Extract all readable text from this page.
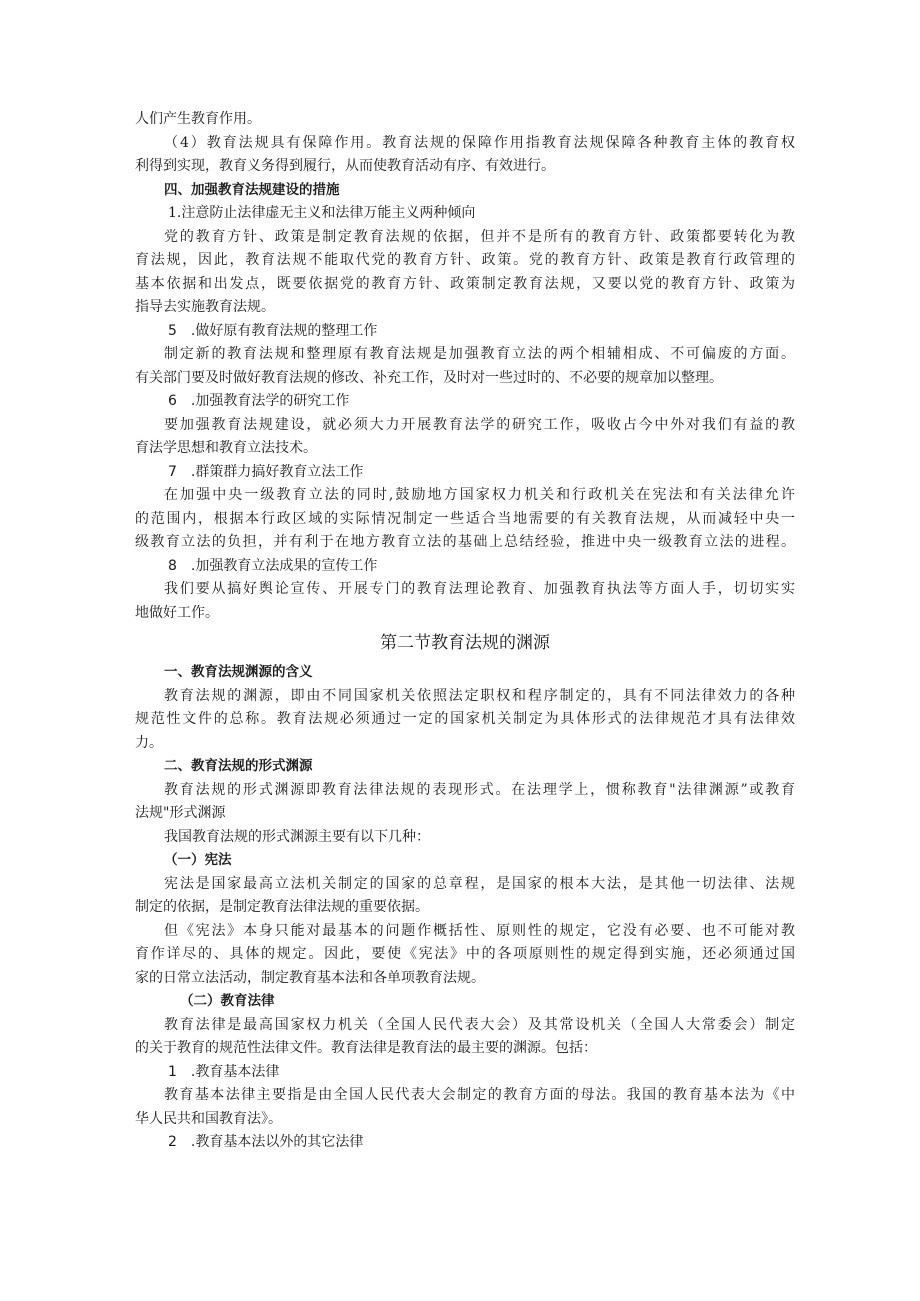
人们产生教育作用。
（4）教育法规具有保障作用。教育法规的保障作用指教育法规保障各种教育主体的教育权
利得到实现，教育义务得到履行，从而使教育活动有序、有效进行。
四、加强教育法规建设的措施
1.注意防止法律虚无主义和法律万能主义两种倾向
党的教育方针、政策是制定教育法规的依据，但并不是所有的教育方针、政策都要转化为教
育法规，因此，教育法规不能取代党的教育方针、政策。党的教育方针、政策是教育行政管理的
基本依据和出发点，既要依据党的教育方针、政策制定教育法规，又要以党的教育方针、政策为
指导去实施教育法规。
5　.做好原有教育法规的整理工作
制定新的教育法规和整理原有教育法规是加强教育立法的两个相辅相成、不可偏废的方面。
有关部门要及时做好教育法规的修改、补充工作，及时对一些过时的、不必要的规章加以整理。
6　.加强教育法学的研究工作
要加强教育法规建设，就必须大力开展教育法学的研究工作，吸收占今中外对我们有益的教
育法学思想和教育立法技术。
7　.群策群力搞好教育立法工作
在加强中央一级教育立法的同时,鼓励地方国家权力机关和行政机关在宪法和有关法律允许
的范围内，根据本行政区域的实际情况制定一些适合当地需要的有关教育法规，从而减轻中央一
级教育立法的负担，并有利于在地方教育立法的基础上总结经验，推进中央一级教育立法的进程。
8　.加强教育立法成果的宣传工作
我们要从搞好舆论宣传、开展专门的教育法理论教育、加强教育执法等方面人手，切切实实
地做好工作。
第二节教育法规的渊源
一、教育法规渊源的含义
教育法规的渊源，即由不同国家机关依照法定职权和程序制定的，具有不同法律效力的各种
规范性文件的总称。教育法规必须通过一定的国家机关制定为具体形式的法律规范才具有法律效
力。
二、教育法规的形式渊源
教育法规的形式渊源即教育法律法规的表现形式。在法理学上，惯称教育"法律渊源”或教育
法规"形式渊源
我国教育法规的形式渊源主要有以下几种：
（一）宪法
宪法是国家最高立法机关制定的国家的总章程，是国家的根本大法，是其他一切法律、法规
制定的依据，是制定教育法律法规的重要依据。
但《宪法》本身只能对最基本的问题作概括性、原则性的规定，它没有必要、也不可能对教
育作详尽的、具体的规定。因此，要使《宪法》中的各项原则性的规定得到实施，还必须通过国
家的日常立法活动，制定教育基本法和各单项教育法规。
（二）教育法律
教育法律是最高国家权力机关（全国人民代表大会）及其常设机关（全国人大常委会）制定
的关于教育的规范性法律文件。教育法律是教育法的最主要的渊源。包括：
1　.教育基本法律
教育基本法律主要指是由全国人民代表大会制定的教育方面的母法。我国的教育基本法为《中
华人民共和国教育法》。
2　.教育基本法以外的其它法律
